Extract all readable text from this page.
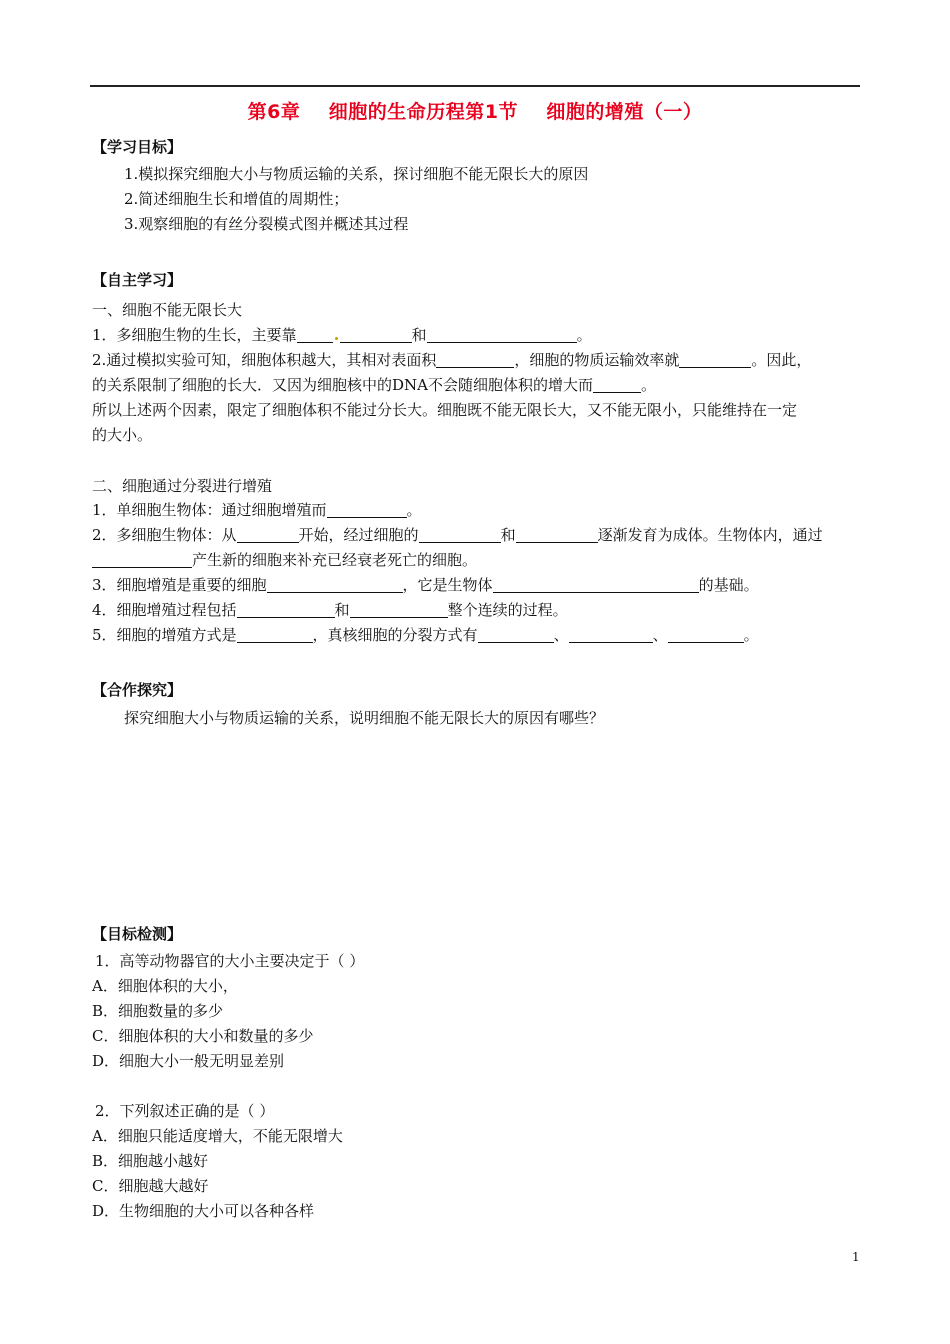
第6章    细胞的生命历程第1节    细胞的增殖（一）
【学习目标】
1.模拟探究细胞大小与物质运输的关系，探讨细胞不能无限长大的原因
2.简述细胞生长和增值的周期性；
3.观察细胞的有丝分裂模式图并概述其过程
【自主学习】
一、细胞不能无限长大
1．多细胞生物的生长，主要靠	和	。
2.通过模拟实验可知，细胞体积越大，其相对表面积	，细胞的物质运输效率就	。因此，
的关系限制了细胞的长大．又因为细胞核中的DNA不会随细胞体积的增大而	。
所以上述两个因素，限定了细胞体积不能过分长大。细胞既不能无限长大，又不能无限小，只能维持在一定
的大小。
二、细胞通过分裂进行增殖
1．单细胞生物体：通过细胞增殖而	。
2．多细胞生物体：从	开始，经过细胞的	和	逐渐发育为成体。生物体内，通过
产生新的细胞来补充已经衰老死亡的细胞。
3．细胞增殖是重要的细胞	，它是生物体	的基础。
4．细胞增殖过程包括	和	整个连续的过程。
5．细胞的增殖方式是	，真核细胞的分裂方式有	、	、	。
【合作探究】
探究细胞大小与物质运输的关系，说明细胞不能无限长大的原因有哪些？
【目标检测】
1．高等动物器官的大小主要决定于（ ）
A．细胞体积的大小，
B．细胞数量的多少
C．细胞体积的大小和数量的多少
D．细胞大小一般无明显差别
2．下列叙述正确的是（ ）
A．细胞只能适度增大，不能无限增大
B．细胞越小越好
C．细胞越大越好
D．生物细胞的大小可以各种各样
1
